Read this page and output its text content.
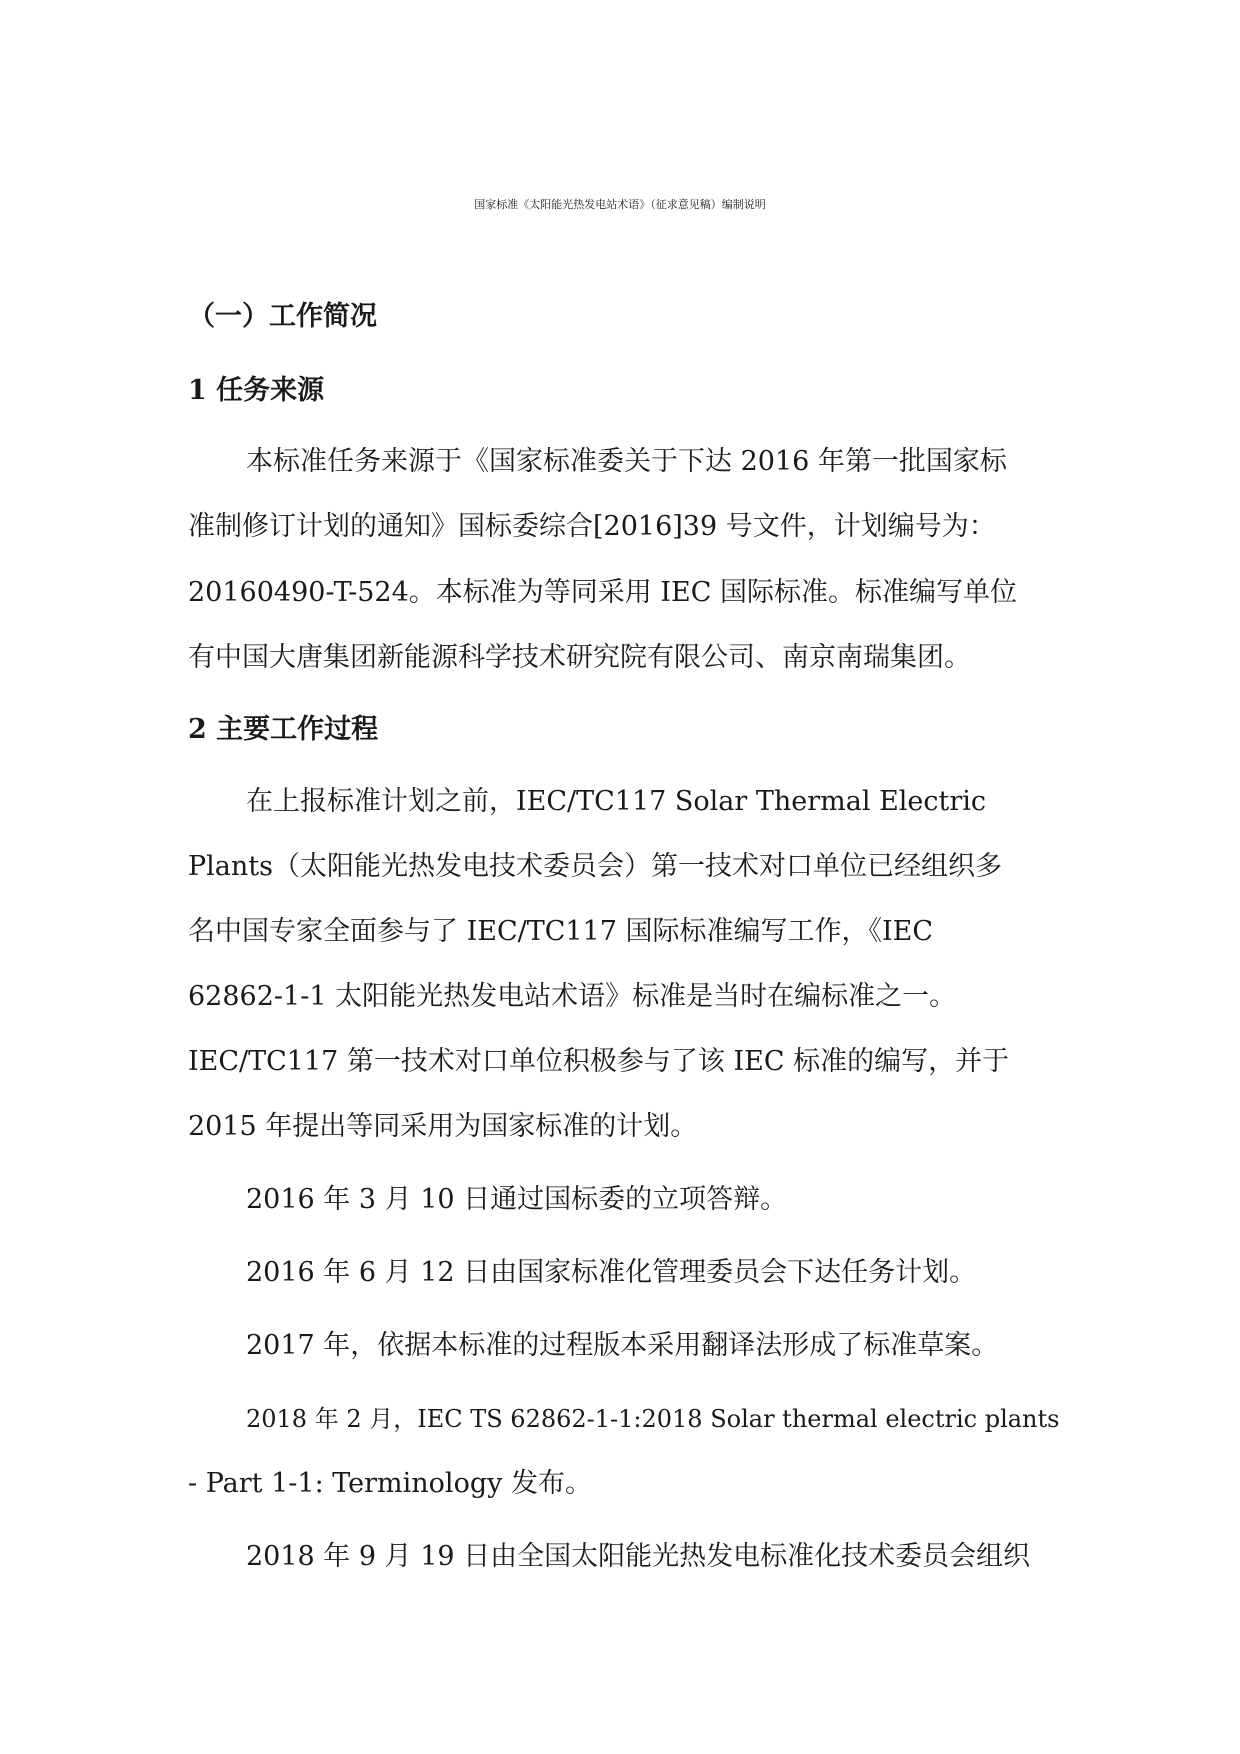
国家标准《太阳能光热发电站术语》（征求意见稿）编制说明
（一）工作简况
1 任务来源

本标准任务来源于《国家标准委关于下达 2016 年第一批国家标

准制修订计划的通知》国标委综合[2016]39 号文件，计划编号为：

20160490-T-524。本标准为等同采用 IEC 国际标准。标准编写单位

有中国大唐集团新能源科学技术研究院有限公司、南京南瑞集团。

2 主要工作过程

在上报标准计划之前，IEC/TC117 Solar Thermal Electric

Plants（太阳能光热发电技术委员会）第一技术对口单位已经组织多

名中国专家全面参与了 IEC/TC117 国际标准编写工作，《IEC

62862-1-1 太阳能光热发电站术语》标准是当时在编标准之一。

IEC/TC117 第一技术对口单位积极参与了该 IEC 标准的编写，并于

2015 年提出等同采用为国家标准的计划。

2016 年 3 月 10 日通过国标委的立项答辩。

2016 年 6 月 12 日由国家标准化管理委员会下达任务计划。

2017 年，依据本标准的过程版本采用翻译法形成了标准草案。

2018 年 2 月，IEC TS 62862-1-1:2018 Solar thermal electric plants

- Part 1-1: Terminology 发布。

2018 年 9 月 19 日由全国太阳能光热发电标准化技术委员会组织
